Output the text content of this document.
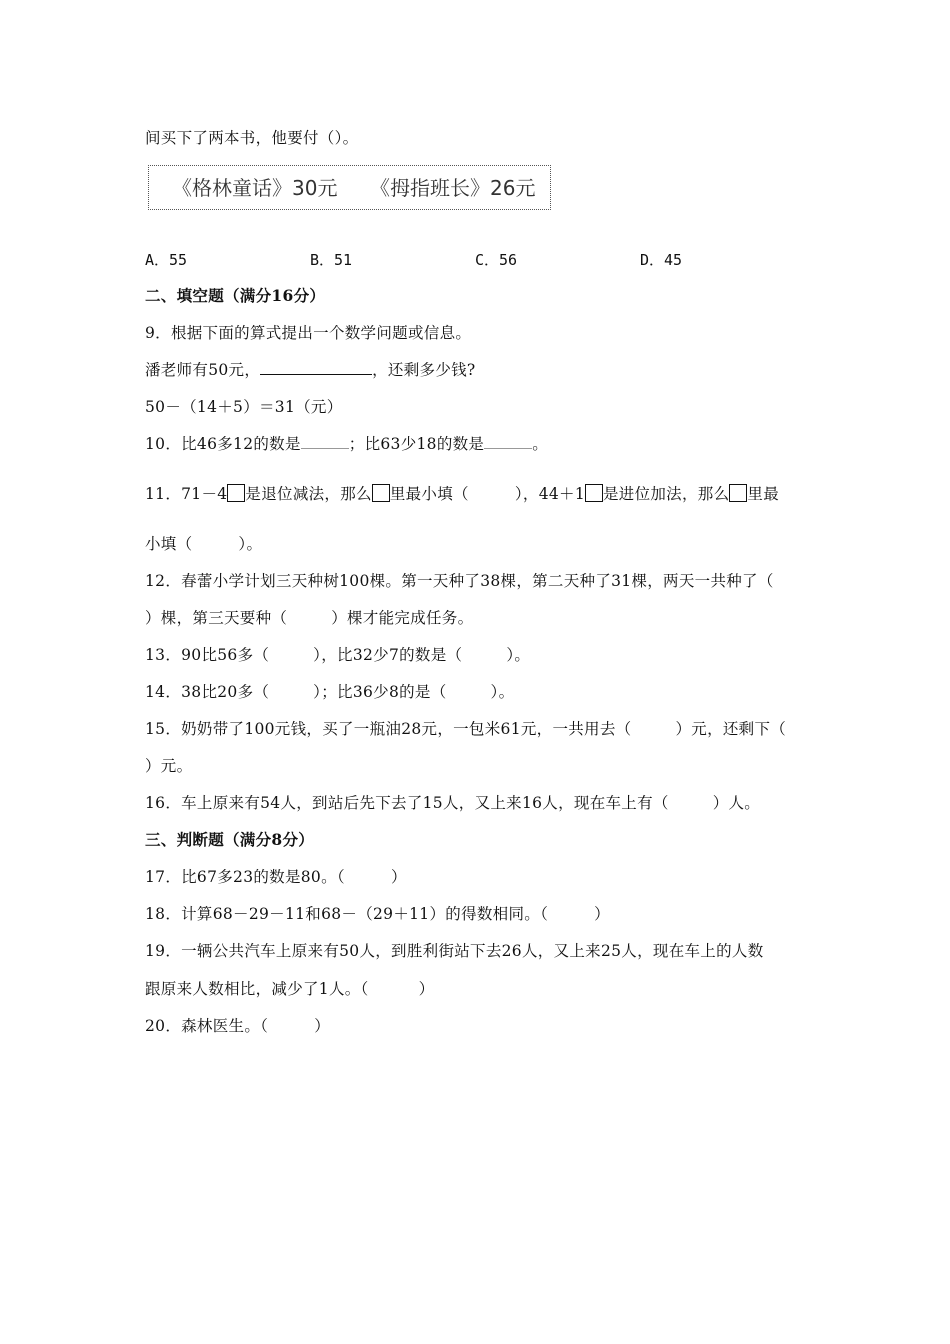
间买下了两本书，他要付（）。
《格林童话》30元 《拇指班长》26元
A．55	B．51	C．56	D．45
二、填空题（满分16分）
9．根据下面的算式提出一个数学问题或信息。
潘老师有50元，	，还剩多少钱?
50－（14＋5）＝31（元）
10．比46多12的数是	；比63少18的数是	。
11．71－4 是退位减法，那么 里最小填（	），44＋1 是进位加法，那么 里最
小填（	）。
12．春蕾小学计划三天种树100棵。第一天种了38棵，第二天种了31棵，两天一共种了（
）棵，第三天要种（	）棵才能完成任务。
13．90比56多（	），比32少7的数是（	）。
14．38比20多（	）；比36少8的是（	）。
15．奶奶带了100元钱，买了一瓶油28元，一包米61元，一共用去（	）元，还剩下（
）元。
16．车上原来有54人，到站后先下去了15人，又上来16人，现在车上有（	）人。
三、判断题（满分8分）
17．比67多23的数是80。（	）
18．计算68－29－11和68－（29＋11）的得数相同。（	）
19．一辆公共汽车上原来有50人，到胜利街站下去26人，又上来25人，现在车上的人数
跟原来人数相比，减少了1人。（	）
20．森林医生。（	）
